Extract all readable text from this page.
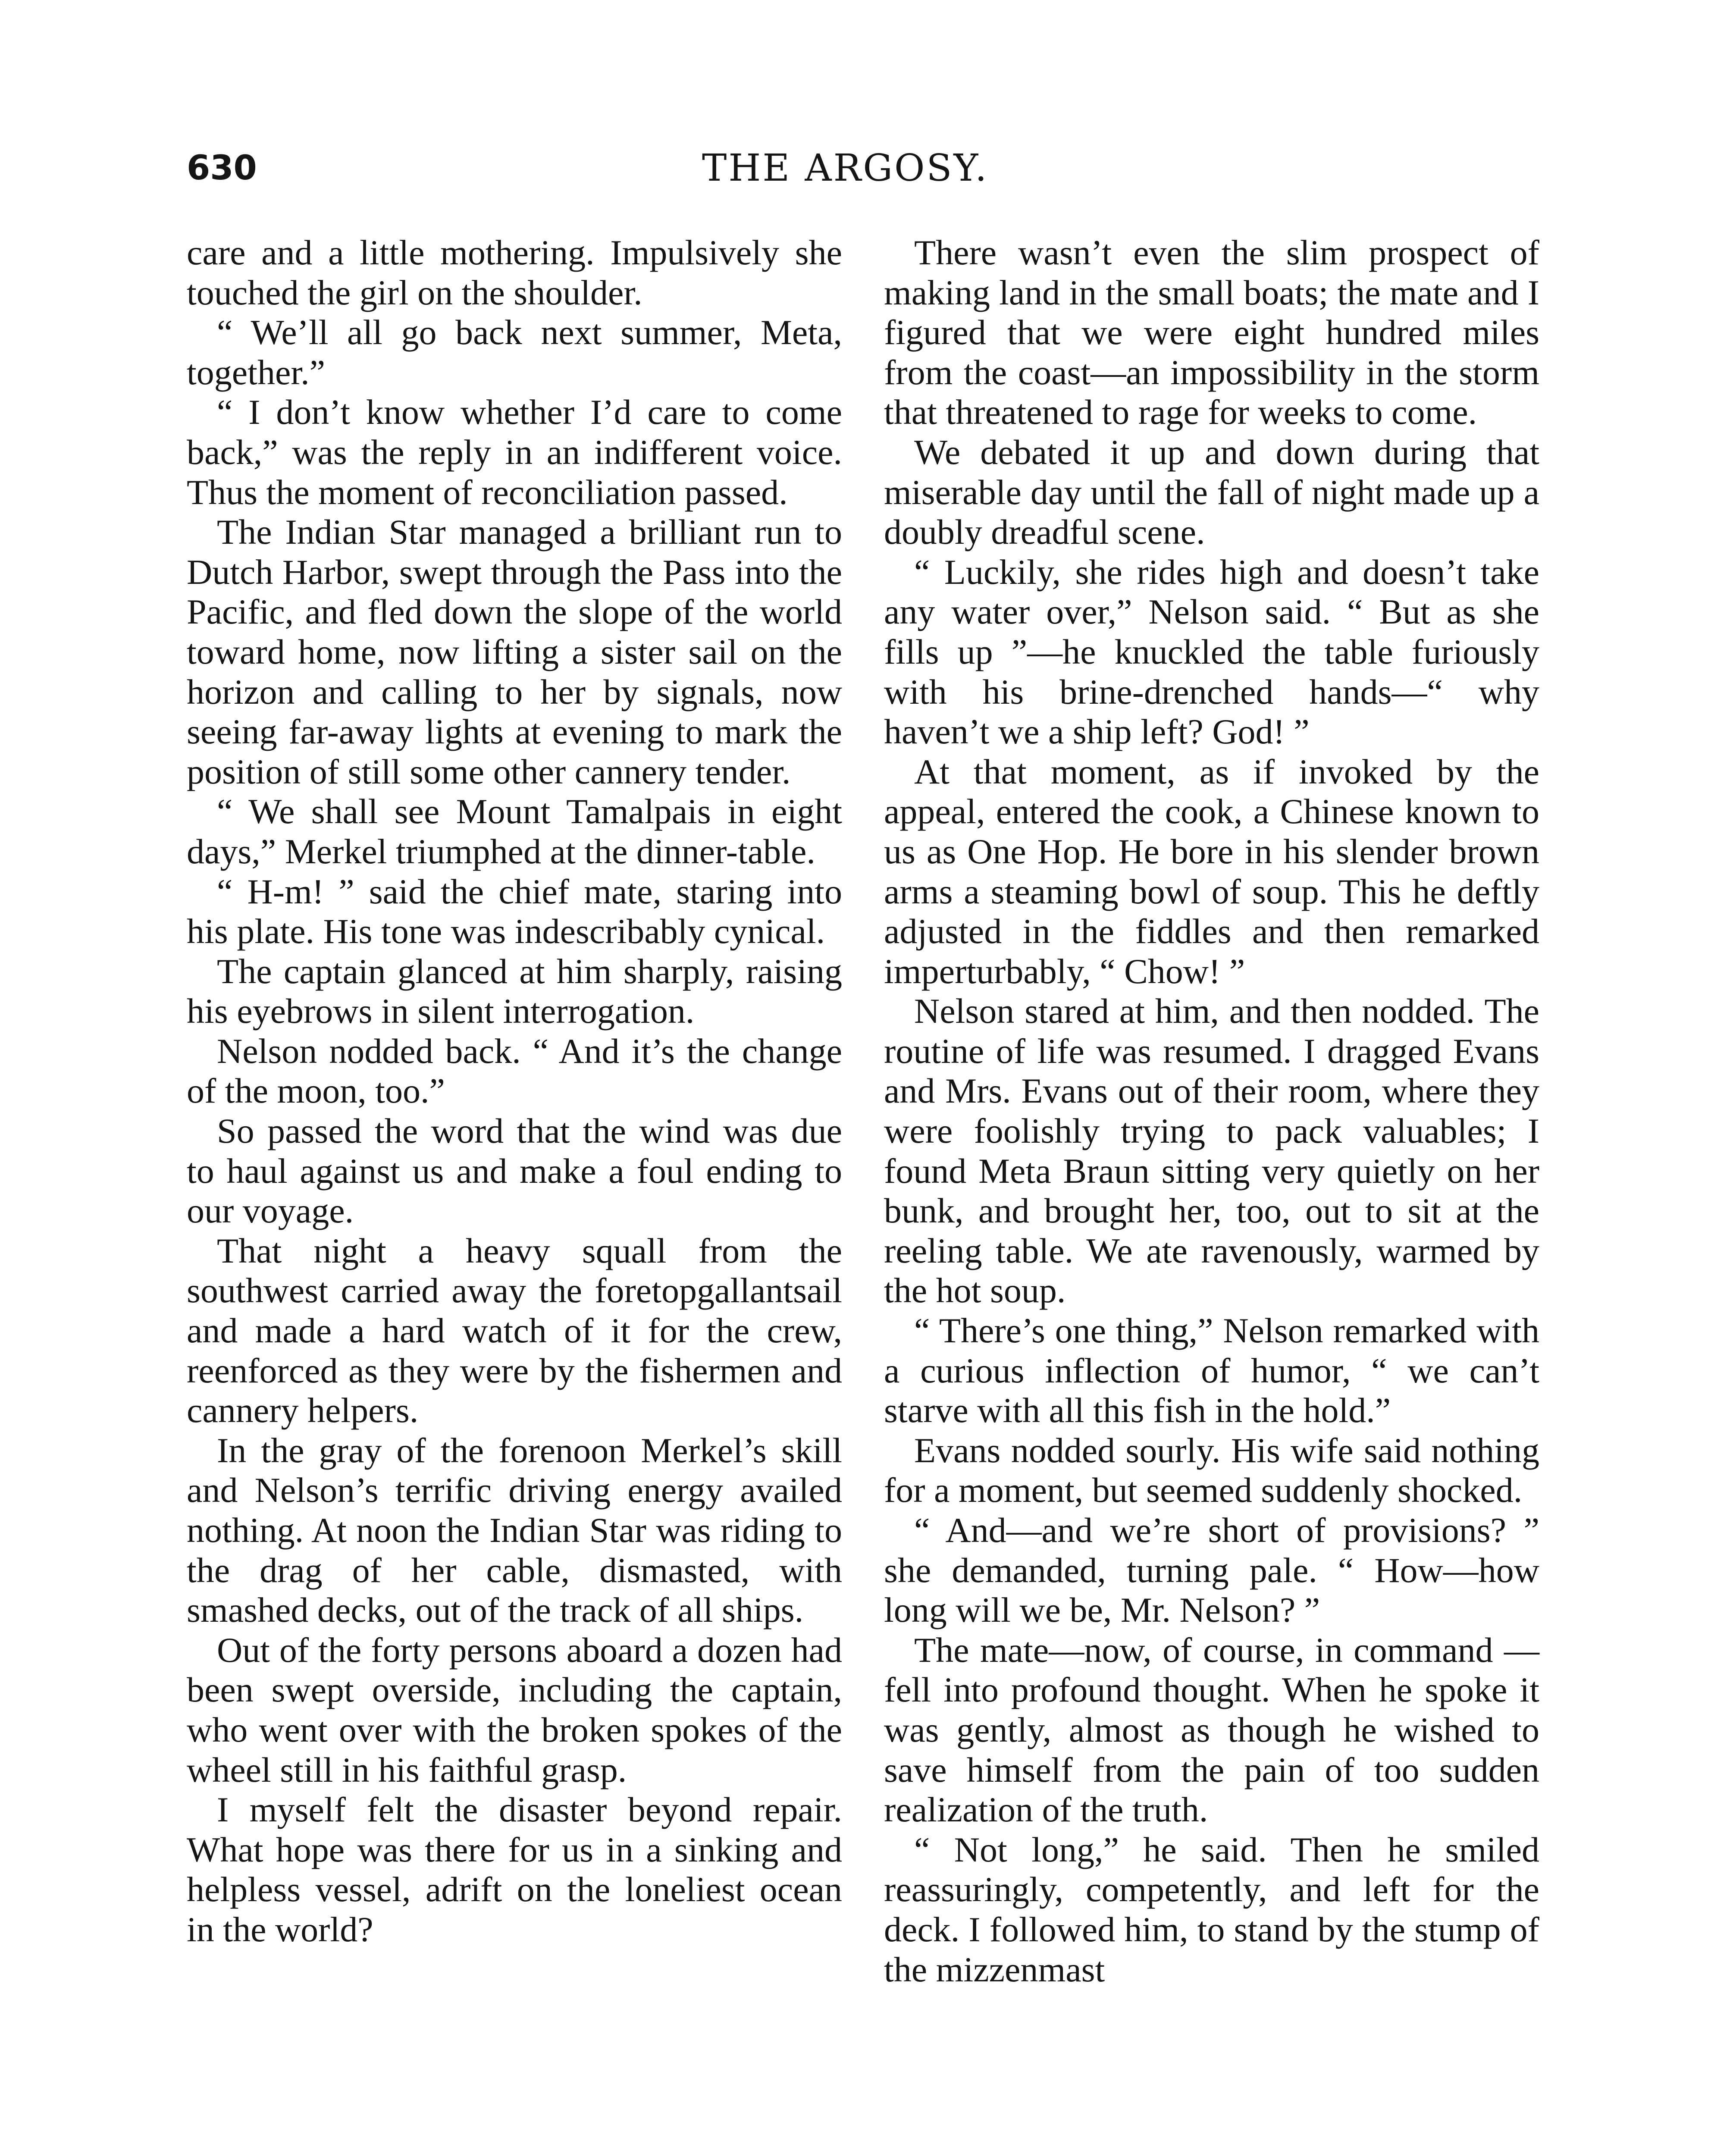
630	THE ARGOSY.

care and a little mothering. Impulsively she touched the girl on the shoulder.

“ We’ll all go back next summer, Meta, together.”

“ I don’t know whether I’d care to come back,” was the reply in an indifferent voice. Thus the moment of reconciliation passed.

The Indian Star managed a brilliant run to Dutch Harbor, swept through the Pass into the Pacific, and fled down the slope of the world toward home, now lifting a sister sail on the horizon and calling to her by signals, now seeing far-away lights at evening to mark the position of still some other cannery tender.

“ We shall see Mount Tamalpais in eight days,” Merkel triumphed at the dinner-table.

“ H-m! ” said the chief mate, staring into his plate. His tone was indescribably cynical.

The captain glanced at him sharply, raising his eyebrows in silent interrogation.

Nelson nodded back. “ And it’s the change of the moon, too.”

So passed the word that the wind was due to haul against us and make a foul ending to our voyage.

That night a heavy squall from the southwest carried away the foretopgallantsail and made a hard watch of it for the crew, reenforced as they were by the fishermen and cannery helpers.

In the gray of the forenoon Merkel’s skill and Nelson’s terrific driving energy availed nothing. At noon the Indian Star was riding to the drag of her cable, dismasted, with smashed decks, out of the track of all ships.

Out of the forty persons aboard a dozen had been swept overside, including the captain, who went over with the broken spokes of the wheel still in his faithful grasp.

I myself felt the disaster beyond repair. What hope was there for us in a sinking and helpless vessel, adrift on the loneliest ocean in the world?

There wasn’t even the slim prospect of making land in the small boats; the mate and I figured that we were eight hundred miles from the coast—an impossibility in the storm that threatened to rage for weeks to come.

We debated it up and down during that miserable day until the fall of night made up a doubly dreadful scene.

“ Luckily, she rides high and doesn’t take any water over,” Nelson said. “ But as she fills up ”—he knuckled the table furiously with his brine-drenched hands—“ why haven’t we a ship left? God! ”

At that moment, as if invoked by the appeal, entered the cook, a Chinese known to us as One Hop. He bore in his slender brown arms a steaming bowl of soup. This he deftly adjusted in the fiddles and then remarked imperturbably, “ Chow! ”

Nelson stared at him, and then nodded. The routine of life was resumed. I dragged Evans and Mrs. Evans out of their room, where they were foolishly trying to pack valuables; I found Meta Braun sitting very quietly on her bunk, and brought her, too, out to sit at the reeling table. We ate ravenously, warmed by the hot soup.

“ There’s one thing,” Nelson remarked with a curious inflection of humor, “ we can’t starve with all this fish in the hold.”

Evans nodded sourly. His wife said nothing for a moment, but seemed suddenly shocked.

“ And—and we’re short of provisions? ” she demanded, turning pale. “ How—how long will we be, Mr. Nelson? ”

The mate—now, of course, in command — fell into profound thought. When he spoke it was gently, almost as though he wished to save himself from the pain of too sudden realization of the truth.

“ Not long,” he said. Then he smiled reassuringly, competently, and left for the deck. I followed him, to stand by the stump of the mizzenmast
